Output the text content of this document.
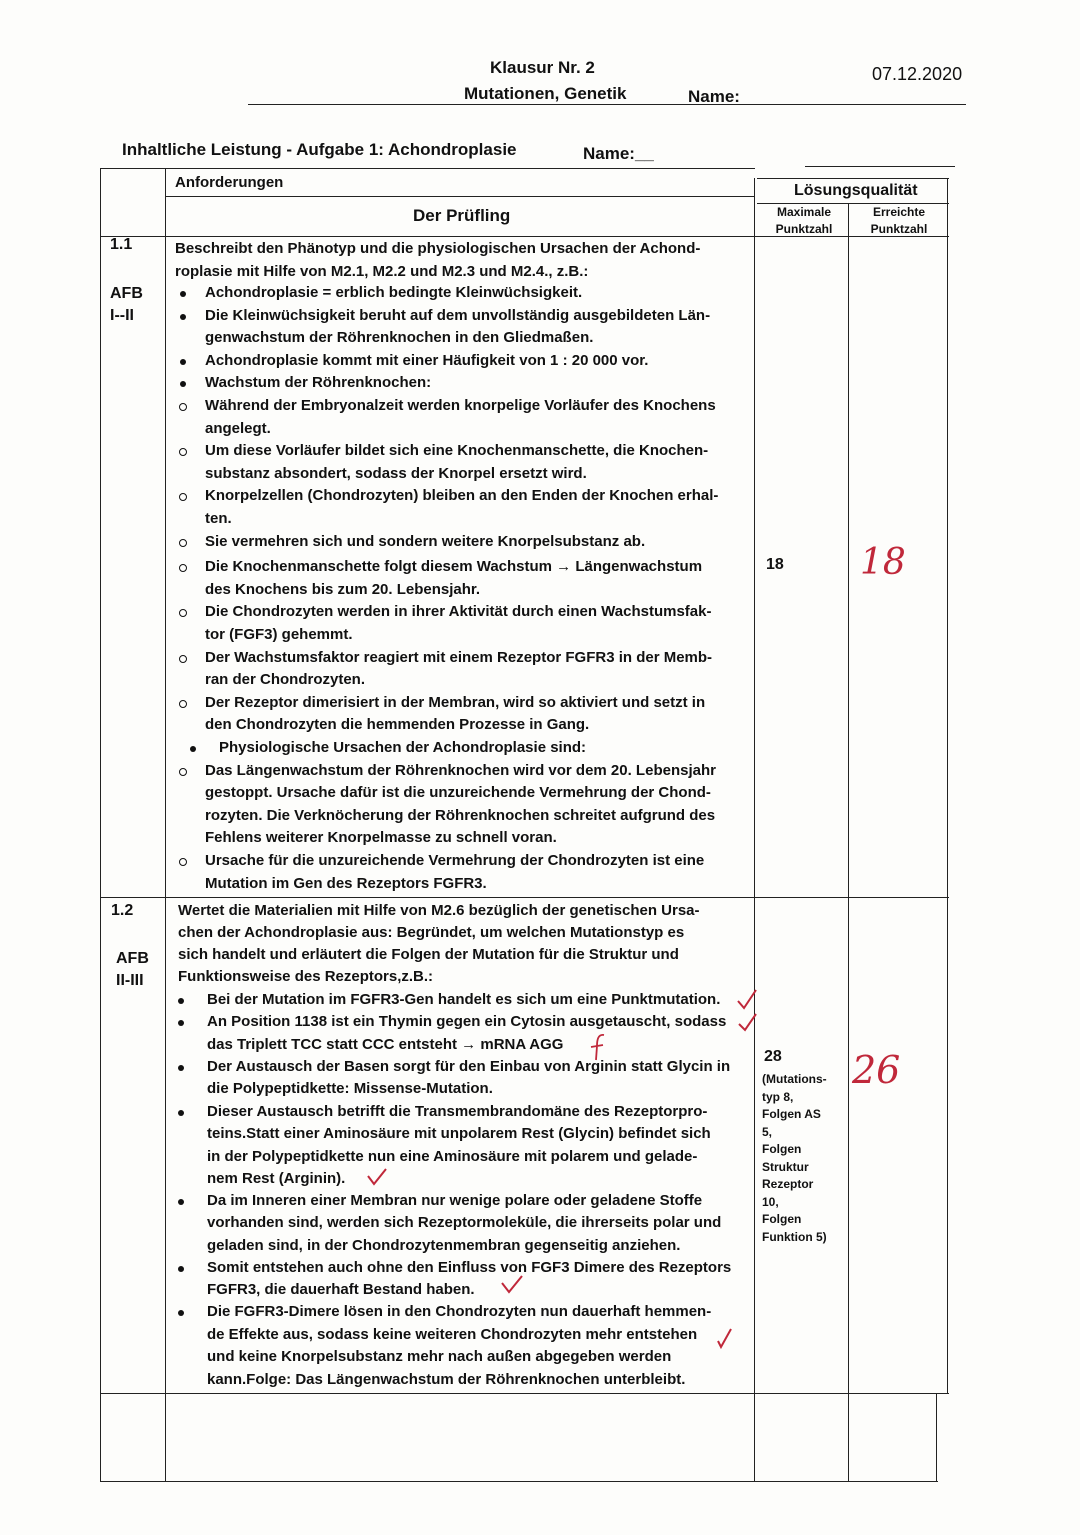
Klausur Nr. 2
Mutationen, Genetik	Name:
07.12.2020
Inhaltliche Leistung - Aufgabe 1: Achondroplasie	Name:__
Anforderungen
Der Prüfling
Lösungsqualität
Maximale
Punktzahl
Erreichte
Punktzahl
1.1
AFB
I--II
Beschreibt den Phänotyp und die physiologischen Ursachen der Achond-
roplasie mit Hilfe von M2.1, M2.2 und M2.3 und M2.4., z.B.:
Achondroplasie = erblich bedingte Kleinwüchsigkeit.
Die Kleinwüchsigkeit beruht auf dem unvollständig ausgebildeten Län-
genwachstum der Röhrenknochen in den Gliedmaßen.
Achondroplasie kommt mit einer Häufigkeit von 1 : 20 000 vor.
Wachstum der Röhrenknochen:
Während der Embryonalzeit werden knorpelige Vorläufer des Knochens
angelegt.
Um diese Vorläufer bildet sich eine Knochenmanschette, die Knochen-
substanz absondert, sodass der Knorpel ersetzt wird.
Knorpelzellen (Chondrozyten) bleiben an den Enden der Knochen erhal-
ten.
Sie vermehren sich und sondern weitere Knorpelsubstanz ab.
Die Knochenmanschette folgt diesem Wachstum → Längenwachstum
des Knochens bis zum 20. Lebensjahr.
Die Chondrozyten werden in ihrer Aktivität durch einen Wachstumsfak-
tor (FGF3) gehemmt.
Der Wachstumsfaktor reagiert mit einem Rezeptor FGFR3 in der Memb-
ran der Chondrozyten.
Der Rezeptor dimerisiert in der Membran, wird so aktiviert und setzt in
den Chondrozyten die hemmenden Prozesse in Gang.
Physiologische Ursachen der Achondroplasie sind:
Das Längenwachstum der Röhrenknochen wird vor dem 20. Lebensjahr
gestoppt. Ursache dafür ist die unzureichende Vermehrung der Chond-
rozyten. Die Verknöcherung der Röhrenknochen schreitet aufgrund des
Fehlens weiterer Knorpelmasse zu schnell voran.
Ursache für die unzureichende Vermehrung der Chondrozyten ist eine
Mutation im Gen des Rezeptors FGFR3.
18 18
1.2
AFB
II-III
Wertet die Materialien mit Hilfe von M2.6 bezüglich der genetischen Ursa-
chen der Achondroplasie aus: Begründet, um welchen Mutationstyp es
sich handelt und erläutert die Folgen der Mutation für die Struktur und
Funktionsweise des Rezeptors,z.B.:
Bei der Mutation im FGFR3-Gen handelt es sich um eine Punktmutation.
An Position 1138 ist ein Thymin gegen ein Cytosin ausgetauscht, sodass
das Triplett TCC statt CCC entsteht → mRNA AGG
Der Austausch der Basen sorgt für den Einbau von Arginin statt Glycin in
die Polypeptidkette: Missense-Mutation.
Dieser Austausch betrifft die Transmembrandomäne des Rezeptorpro-
teins.Statt einer Aminosäure mit unpolarem Rest (Glycin) befindet sich
in der Polypeptidkette nun eine Aminosäure mit polarem und gelade-
nem Rest (Arginin).
Da im Inneren einer Membran nur wenige polare oder geladene Stoffe
vorhanden sind, werden sich Rezeptormoleküle, die ihrerseits polar und
geladen sind, in der Chondrozytenmembran gegenseitig anziehen.
Somit entstehen auch ohne den Einfluss von FGF3 Dimere des Rezeptors
FGFR3, die dauerhaft Bestand haben.
Die FGFR3-Dimere lösen in den Chondrozyten nun dauerhaft hemmen-
de Effekte aus, sodass keine weiteren Chondrozyten mehr entstehen
und keine Knorpelsubstanz mehr nach außen abgegeben werden
kann.Folge: Das Längenwachstum der Röhrenknochen unterbleibt.
28
(Mutations-
typ 8,
Folgen AS
5,
Folgen
Struktur
Rezeptor
10,
Folgen
Funktion 5)
26
